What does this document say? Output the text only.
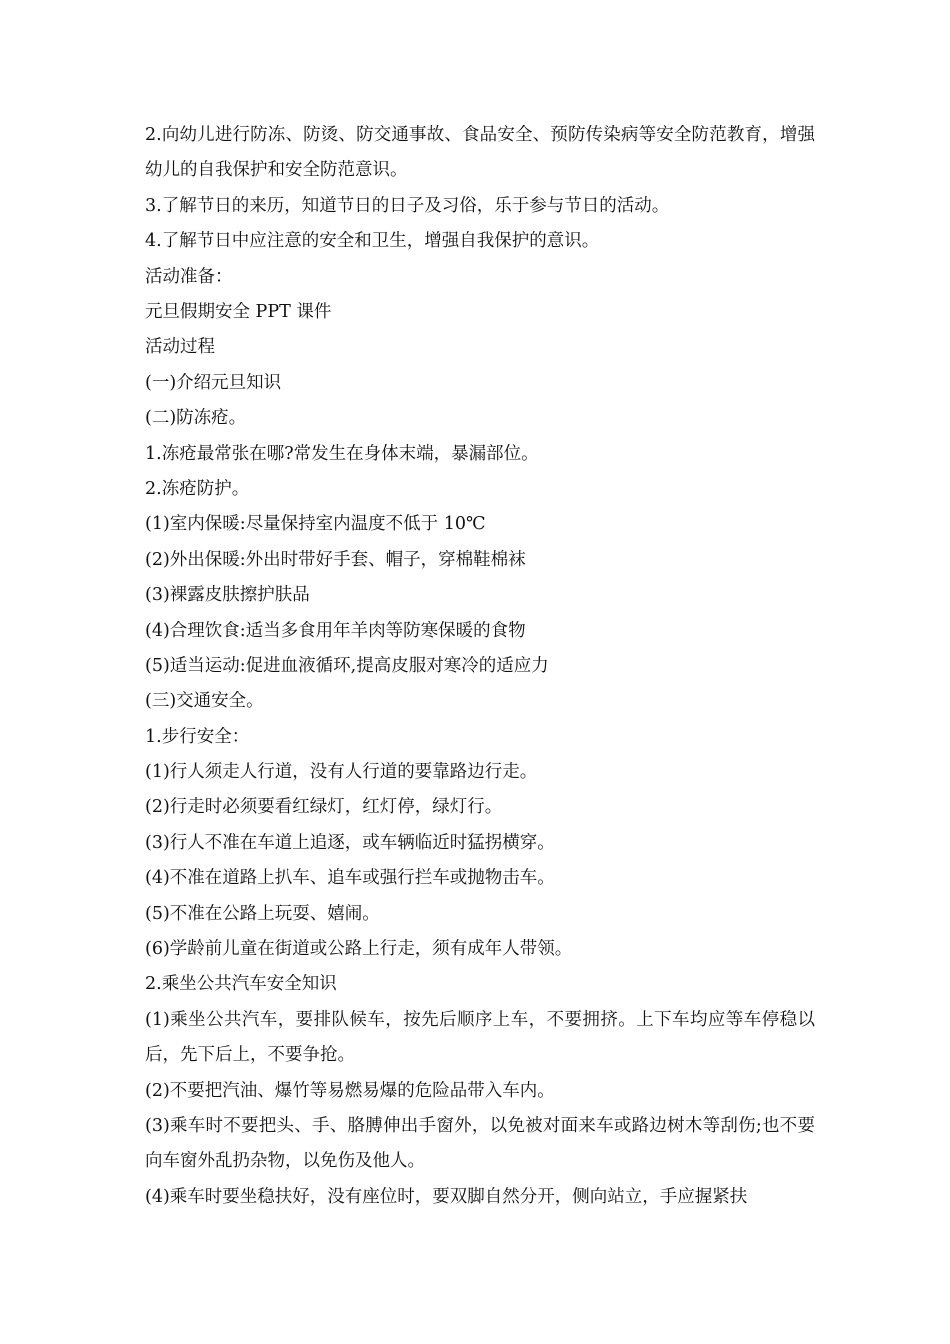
2.向幼儿进行防冻、防烫、防交通事故、食品安全、预防传染病等安全防范教育，增强幼儿的自我保护和安全防范意识。

3.了解节日的来历，知道节日的日子及习俗，乐于参与节日的活动。

4.了解节日中应注意的安全和卫生，增强自我保护的意识。

活动准备：

元旦假期安全 PPT 课件

活动过程

(一)介绍元旦知识

(二)防冻疮。

1.冻疮最常张在哪?常发生在身体末端，暴漏部位。

2.冻疮防护。

(1)室内保暖:尽量保持室内温度不低于 10℃

(2)外出保暖:外出时带好手套、帽子，穿棉鞋棉袜

(3)裸露皮肤擦护肤品

(4)合理饮食:适当多食用年羊肉等防寒保暖的食物

(5)适当运动:促进血液循环,提高皮服对寒冷的适应力

(三)交通安全。

1.步行安全：

(1)行人须走人行道，没有人行道的要靠路边行走。

(2)行走时必须要看红绿灯，红灯停，绿灯行。

(3)行人不准在车道上追逐，或车辆临近时猛拐横穿。

(4)不准在道路上扒车、追车或强行拦车或抛物击车。

(5)不准在公路上玩耍、嬉闹。

(6)学龄前儿童在街道或公路上行走，须有成年人带领。

2.乘坐公共汽车安全知识

(1)乘坐公共汽车，要排队候车，按先后顺序上车，不要拥挤。上下车均应等车停稳以后，先下后上，不要争抢。

(2)不要把汽油、爆竹等易燃易爆的危险品带入车内。

(3)乘车时不要把头、手、胳膊伸出手窗外，以免被对面来车或路边树木等刮伤;也不要向车窗外乱扔杂物，以免伤及他人。

(4)乘车时要坐稳扶好，没有座位时，要双脚自然分开，侧向站立，手应握紧扶
